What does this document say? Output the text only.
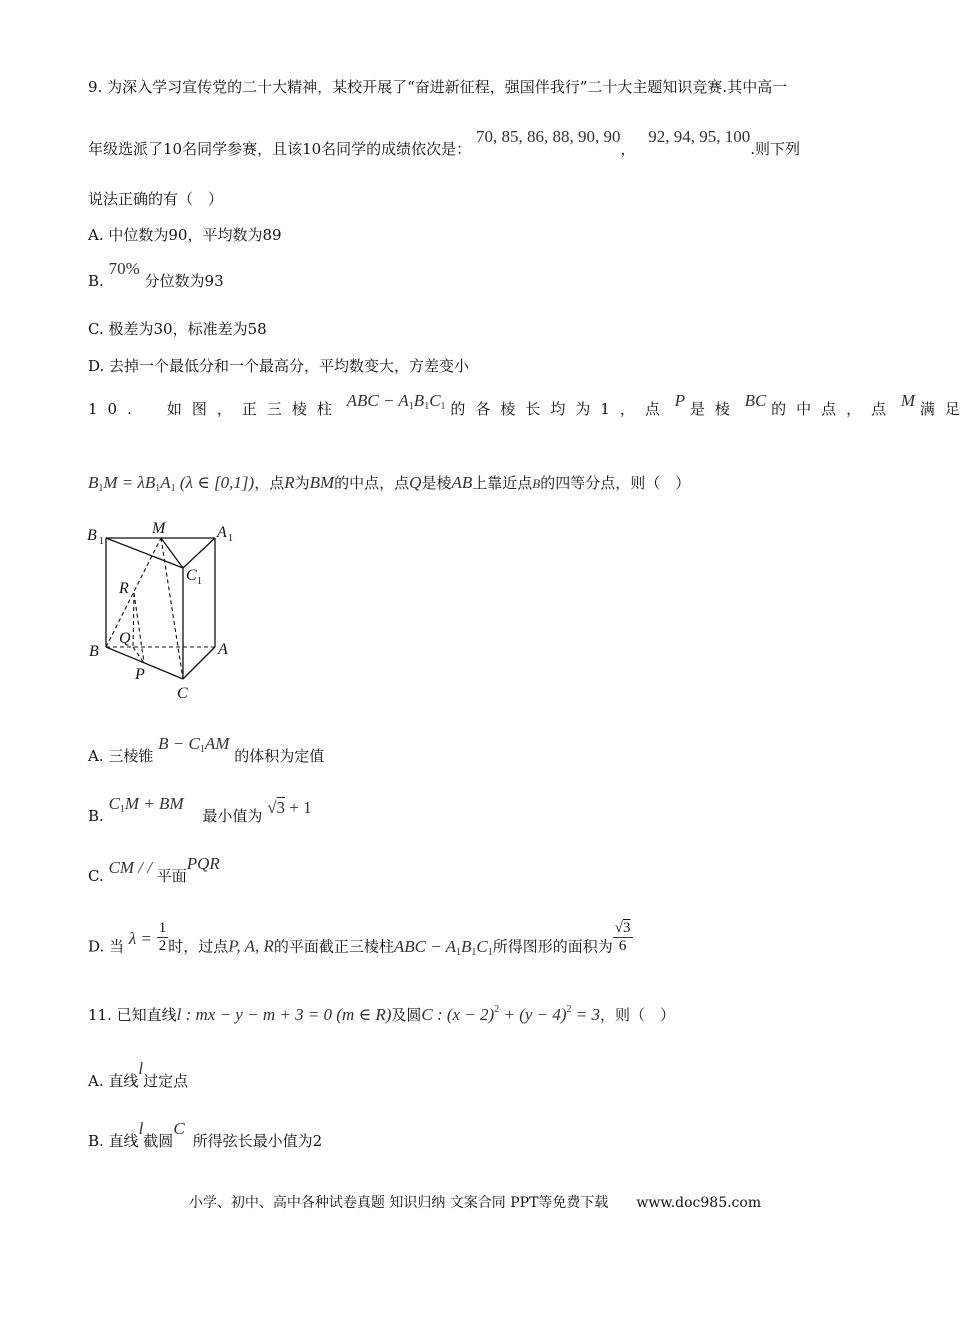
9. 为深入学习宣传党的二十大精神，某校开展了“奋进新征程，强国伴我行”二十大主题知识竞赛.其中高一
年级选派了10名同学参赛，且该10名同学的成绩依次是： 70, 85, 86, 88, 90, 90， 92, 94, 95, 100.则下列
说法正确的有（　）
A. 中位数为90，平均数为89
B. 70% 分位数为93
C. 极差为30，标准差为58
D. 去掉一个最低分和一个最高分，平均数变大，方差变小
10.　如图，正三棱柱 ABC − $A_1B_1C_1$ 的各棱长均为1，点 P 是棱 BC 的中点，点 M 满足
$B_1M = \lambda B_1A_1$ (λ ∈ [0,1])，点R为BM的中点，点Q是棱AB上靠近点B的四等分点，则（　）
B 1
M	A 1
C 1
R
Q
B	A
P
C
A. 三棱锥 $B - C_1AM$ 的体积为定值
B. $C_1M$ + BM 最小值为 √3 + 1
C. CM / / 平面PQR
D. 当 $\lambda = \frac{1}{2}$ 时，过点P, A, R的平面截正三棱柱ABC − $A_1B_1C_1$所得图形的面积为 $\frac{√3}{6}$
11. 已知直线l : mx − y − m + 3 = 0 (m ∈ R)及圆C : $(x - 2)^2 + (y - 4)^2 = 3$，则（　）
A. 直线l过定点
B. 直线l截圆C所得弦长最小值为2
小学、初中、高中各种试卷真题 知识归纳 文案合同 PPT等免费下载　　www.doc985.com
